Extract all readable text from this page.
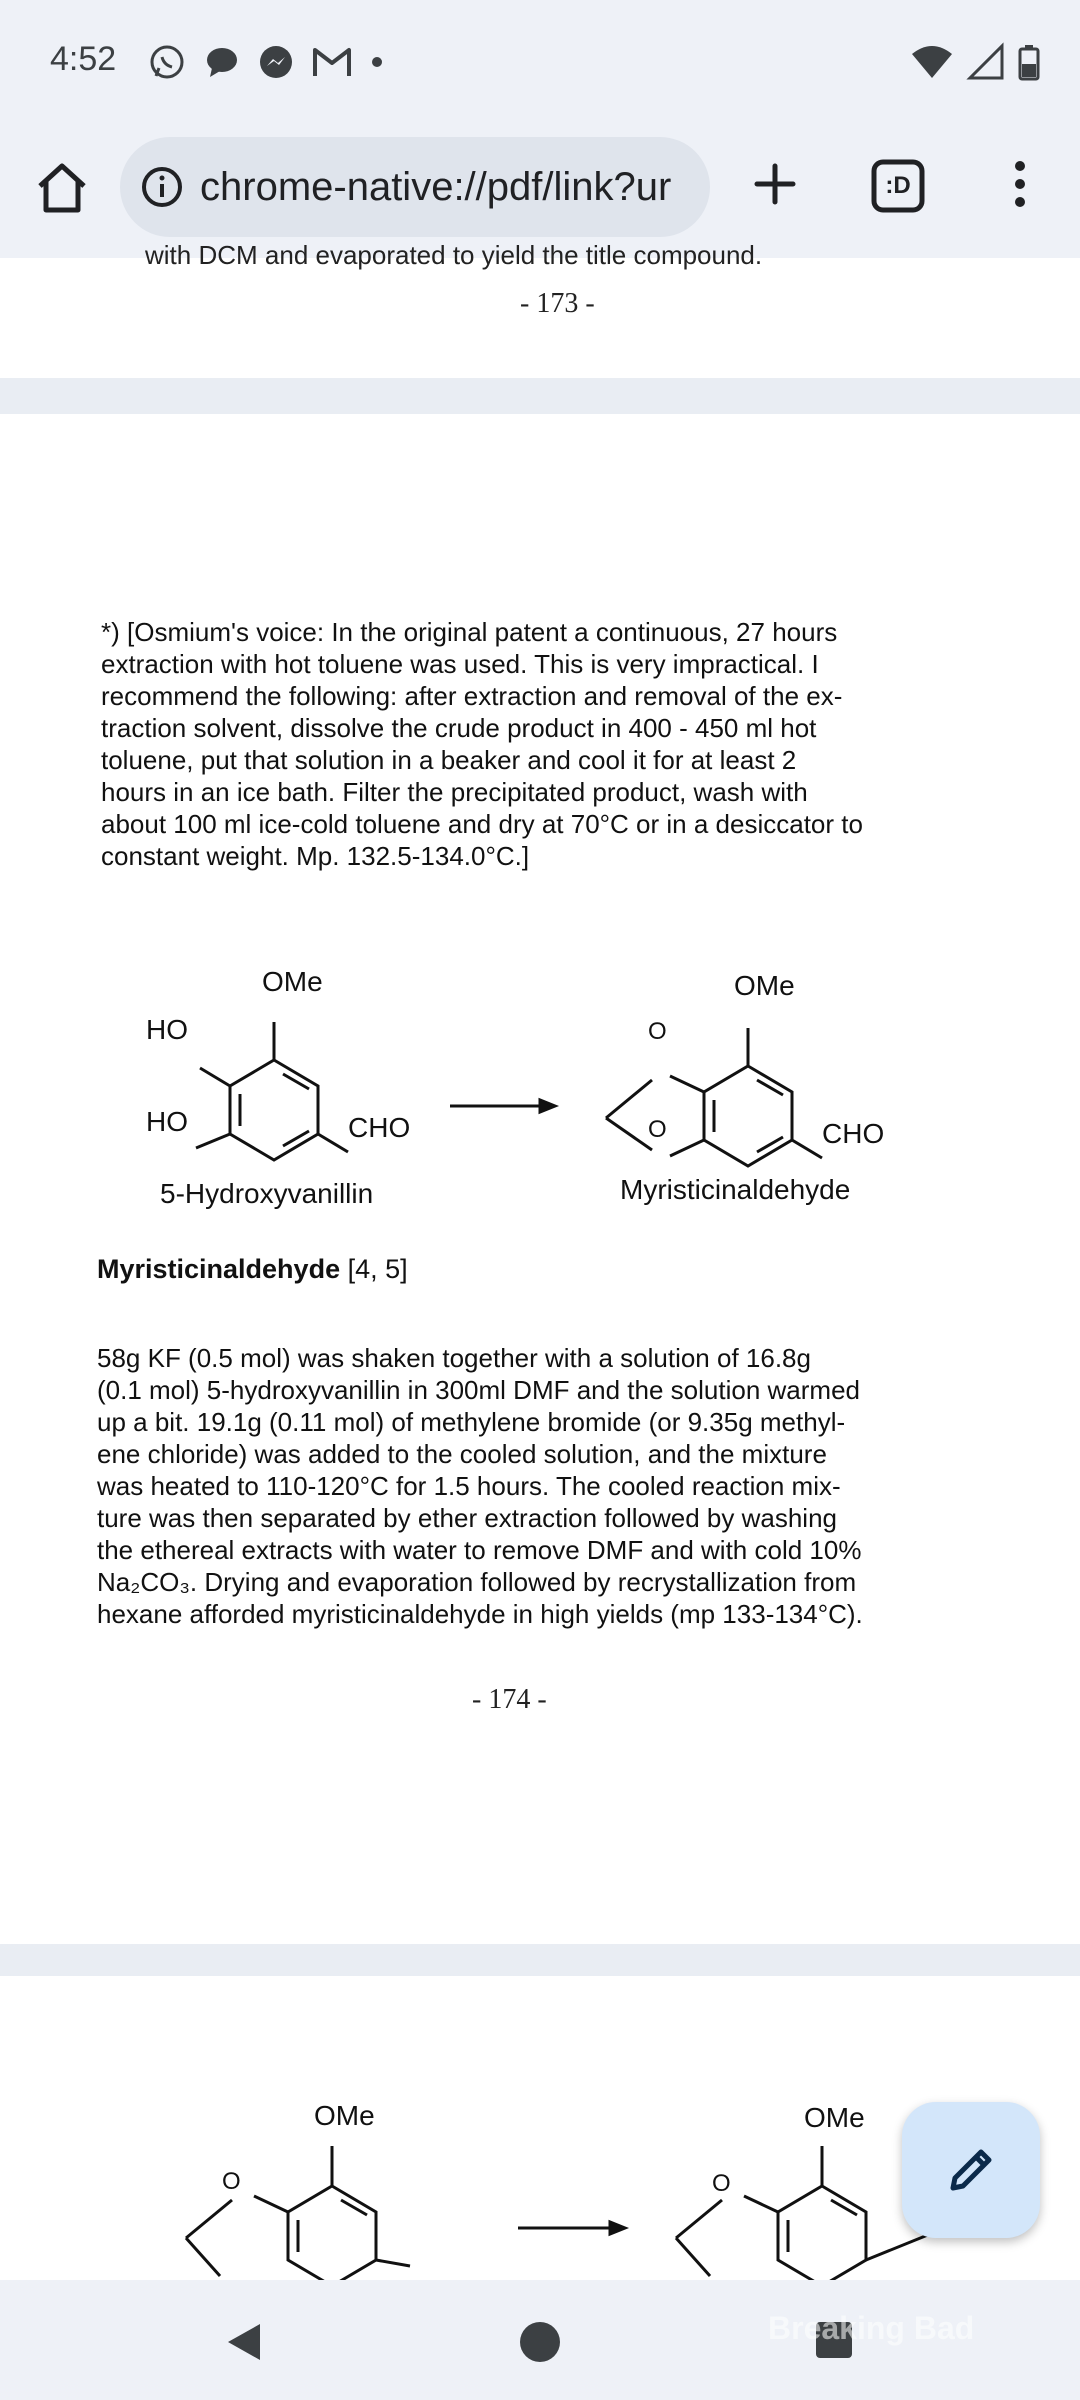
4:52
chrome-native://pdf/link?ur	:D
with DCM and evaporated to yield the title compound.
- 173 -
*) [Osmium's voice: In the original patent a continuous, 27 hours
extraction with hot toluene was used. This is very impractical. I
recommend the following: after extraction and removal of the ex-
traction solvent, dissolve the crude product in 400 - 450 ml hot
toluene, put that solution in a beaker and cool it for at least 2
hours in an ice bath. Filter the precipitated product, wash with
about 100 ml ice-cold toluene and dry at 70°C or in a desiccator to
constant weight. Mp. 132.5-134.0°C.]
OMe
HO
HO	CHO
OMe
O
O	CHO
5-Hydroxyvanillin	Myristicinaldehyde
Myristicinaldehyde [4, 5]
58g KF (0.5 mol) was shaken together with a solution of 16.8g
(0.1 mol) 5-hydroxyvanillin in 300ml DMF and the solution warmed
up a bit. 19.1g (0.11 mol) of methylene bromide (or 9.35g methyl-
ene chloride) was added to the cooled solution, and the mixture
was heated to 110-120°C for 1.5 hours. The cooled reaction mix-
ture was then separated by ether extraction followed by washing
the ethereal extracts with water to remove DMF and with cold 10%
Na₂CO₃. Drying and evaporation followed by recrystallization from
hexane afforded myristicinaldehyde in high yields (mp 133-134°C).
- 174 -
OMe
O
OMe
O
Breaking Bad
